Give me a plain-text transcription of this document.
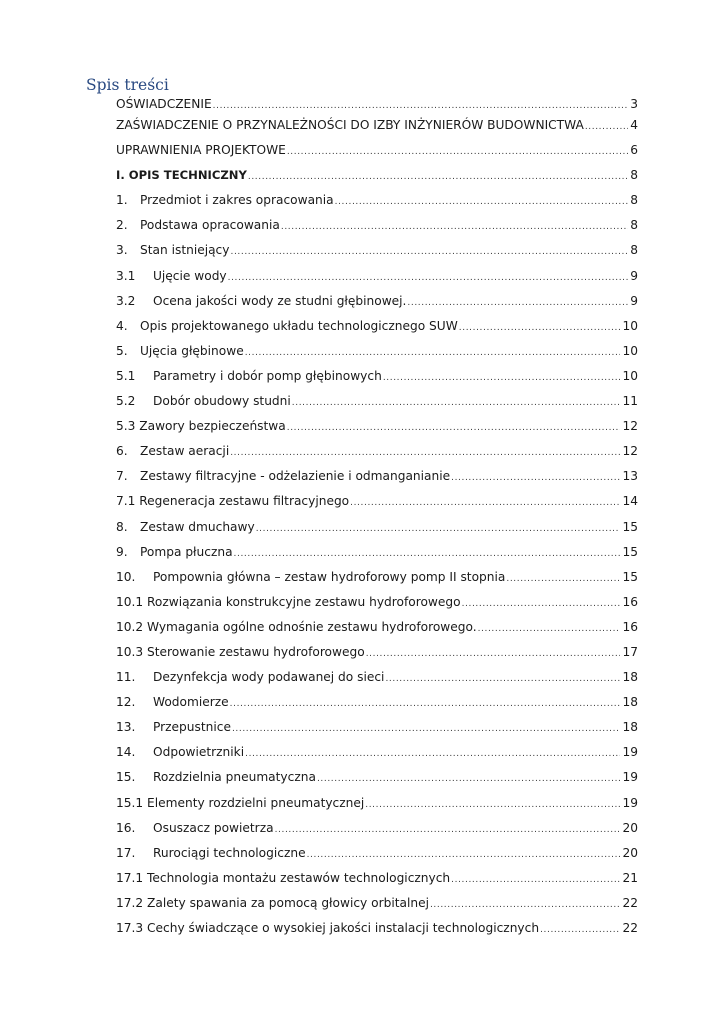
Spis treści
OŚWIADCZENIE .....	3
ZAŚWIADCZENIE O PRZYNALEŻNOŚCI DO IZBY INŻYNIERÓW BUDOWNICTWA .....	4
UPRAWNIENIA PROJEKTOWE .....	6
I. OPIS TECHNICZNY .....	8
1.	Przedmiot i zakres opracowania .....	8
2.	Podstawa opracowania .....	8
3.	Stan istniejący .....	8
3.1	Ujęcie wody .....	9
3.2	Ocena jakości wody ze studni głębinowej. .....	9
4.	Opis projektowanego układu technologicznego SUW .....	10
5.	Ujęcia głębinowe .....	10
5.1	Parametry i dobór pomp głębinowych .....	10
5.2	Dobór obudowy studni .....	11
5.3 Zawory bezpieczeństwa .....	12
6.	Zestaw aeracji .....	12
7.	Zestawy filtracyjne - odżelazienie i odmanganianie .....	13
7.1 Regeneracja zestawu filtracyjnego .....	14
8.	Zestaw dmuchawy .....	15
9.	Pompa płuczna .....	15
10.	Pompownia główna – zestaw hydroforowy pomp II stopnia .....	15
10.1 Rozwiązania konstrukcyjne zestawu hydroforowego .....	16
10.2 Wymagania ogólne odnośnie zestawu hydroforowego. .....	16
10.3 Sterowanie zestawu hydroforowego .....	17
11.	Dezynfekcja wody podawanej do sieci .....	18
12.	Wodomierze .....	18
13.	Przepustnice .....	18
14.	Odpowietrzniki .....	19
15.	Rozdzielnia pneumatyczna .....	19
15.1 Elementy rozdzielni pneumatycznej .....	19
16.	Osuszacz powietrza .....	20
17.	Rurociągi technologiczne .....	20
17.1 Technologia montażu zestawów technologicznych .....	21
17.2 Zalety spawania za pomocą głowicy orbitalnej .....	22
17.3 Cechy świadczące o wysokiej jakości instalacji technologicznych .....	22
